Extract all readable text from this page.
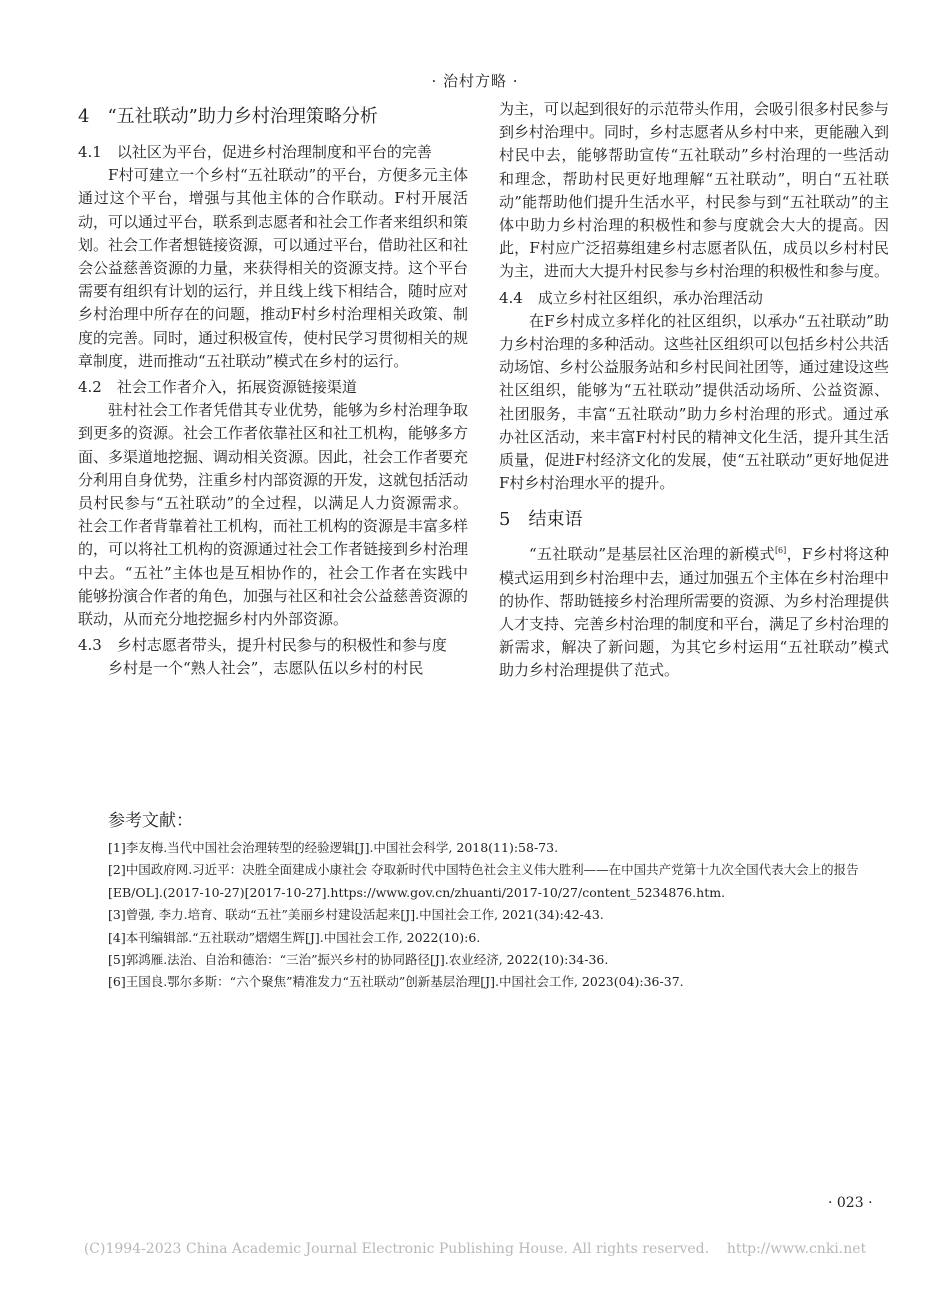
· 治村方略 ·
4　“五社联动”助力乡村治理策略分析
4.1　以社区为平台，促进乡村治理制度和平台的完善

F村可建立一个乡村“五社联动”的平台，方便多元主体通过这个平台，增强与其他主体的合作联动。F村开展活动，可以通过平台，联系到志愿者和社会工作者来组织和策划。社会工作者想链接资源，可以通过平台，借助社区和社会公益慈善资源的力量，来获得相关的资源支持。这个平台需要有组织有计划的运行，并且线上线下相结合，随时应对乡村治理中所存在的问题，推动F村乡村治理相关政策、制度的完善。同时，通过积极宣传，使村民学习贯彻相关的规章制度，进而推动“五社联动”模式在乡村的运行。

4.2　社会工作者介入，拓展资源链接渠道

驻村社会工作者凭借其专业优势，能够为乡村治理争取到更多的资源。社会工作者依靠社区和社工机构，能够多方面、多渠道地挖掘、调动相关资源。因此，社会工作者要充分利用自身优势，注重乡村内部资源的开发，这就包括活动员村民参与“五社联动”的全过程，以满足人力资源需求。社会工作者背靠着社工机构，而社工机构的资源是丰富多样的，可以将社工机构的资源通过社会工作者链接到乡村治理中去。“五社”主体也是互相协作的，社会工作者在实践中能够扮演合作者的角色，加强与社区和社会公益慈善资源的联动，从而充分地挖掘乡村内外部资源。

4.3　乡村志愿者带头，提升村民参与的积极性和参与度

乡村是一个“熟人社会”，志愿队伍以乡村的村民

为主，可以起到很好的示范带头作用，会吸引很多村民参与到乡村治理中。同时，乡村志愿者从乡村中来，更能融入到村民中去，能够帮助宣传“五社联动”乡村治理的一些活动和理念，帮助村民更好地理解“五社联动”，明白“五社联动”能帮助他们提升生活水平，村民参与到“五社联动”的主体中助力乡村治理的积极性和参与度就会大大的提高。因此，F村应广泛招募组建乡村志愿者队伍，成员以乡村村民为主，进而大大提升村民参与乡村治理的积极性和参与度。

4.4　成立乡村社区组织，承办治理活动

在F乡村成立多样化的社区组织，以承办“五社联动”助力乡村治理的多种活动。这些社区组织可以包括乡村公共活动场馆、乡村公益服务站和乡村民间社团等，通过建设这些社区组织，能够为“五社联动”提供活动场所、公益资源、社团服务，丰富“五社联动”助力乡村治理的形式。通过承办社区活动，来丰富F村村民的精神文化生活，提升其生活质量，促进F村经济文化的发展，使“五社联动”更好地促进F村乡村治理水平的提升。

5　结束语

“五社联动”是基层社区治理的新模式[6]，F乡村将这种模式运用到乡村治理中去，通过加强五个主体在乡村治理中的协作、帮助链接乡村治理所需要的资源、为乡村治理提供人才支持、完善乡村治理的制度和平台，满足了乡村治理的新需求，解决了新问题，为其它乡村运用“五社联动”模式助力乡村治理提供了范式。

参考文献：
[1]李友梅.当代中国社会治理转型的经验逻辑[J].中国社会科学, 2018(11):58-73.
[2]中国政府网.习近平：决胜全面建成小康社会 夺取新时代中国特色社会主义伟大胜利——在中国共产党第十九次全国代表大会上的报告 [EB/OL].(2017-10-27)[2017-10-27].https://www.gov.cn/zhuanti/2017-10/27/content_5234876.htm.
[3]曾强, 李力.培育、联动“五社”美丽乡村建设活起来[J].中国社会工作, 2021(34):42-43.
[4]本刊编辑部.“五社联动”熠熠生辉[J].中国社会工作, 2022(10):6.
[5]郭鸿雁.法治、自治和德治：“三治”振兴乡村的协同路径[J].农业经济, 2022(10):34-36.
[6]王国良.鄂尔多斯：“六个聚焦”精准发力“五社联动”创新基层治理[J].中国社会工作, 2023(04):36-37.
· 023 ·
(C)1994-2023 China Academic Journal Electronic Publishing House. All rights reserved.    http://www.cnki.net
